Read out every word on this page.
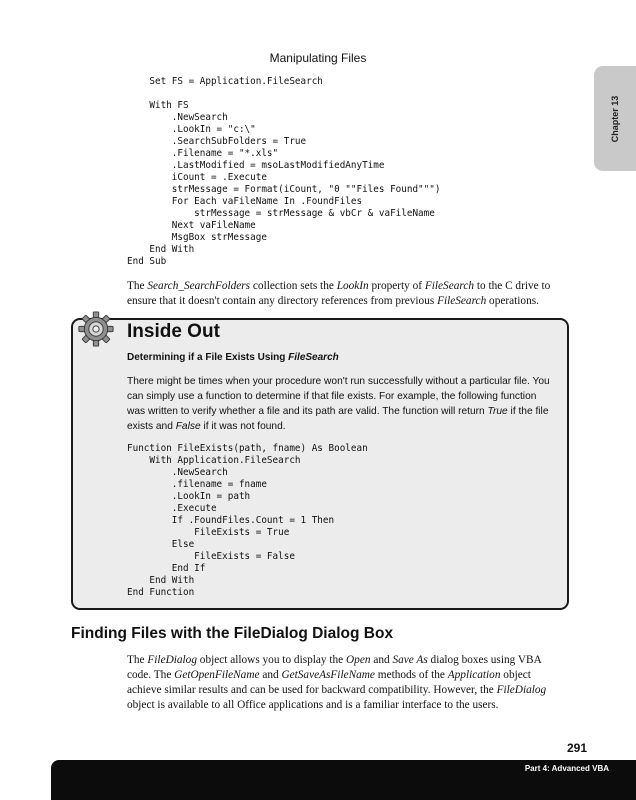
Manipulating Files
Chapter 13
Set FS = Application.FileSearch

With FS
.NewSearch
.LookIn = "c:\"
.SearchSubFolders = True
.Filename = "*.xls"
.LastModified = msoLastModifiedAnyTime
iCount = .Execute
strMessage = Format(iCount, "0 ""Files Found""")
For Each vaFileName In .FoundFiles
strMessage = strMessage & vbCr & vaFileName
Next vaFileName
MsgBox strMessage
End With
End Sub

The Search_SearchFolders collection sets the LookIn property of FileSearch to the C drive to ensure that it doesn't contain any directory references from previous FileSearch operations.

Inside Out
Determining if a File Exists Using FileSearch

There might be times when your procedure won't run successfully without a particular file. You can simply use a function to determine if that file exists. For example, the following function was written to verify whether a file and its path are valid. The function will return True if the file exists and False if it was not found.

Function FileExists(path, fname) As Boolean
With Application.FileSearch
.NewSearch
.filename = fname
.LookIn = path
.Execute
If .FoundFiles.Count = 1 Then
FileExists = True
Else
FileExists = False
End If
End With
End Function
Finding Files with the FileDialog Dialog Box

The FileDialog object allows you to display the Open and Save As dialog boxes using VBA code. The GetOpenFileName and GetSaveAsFileName methods of the Application object achieve similar results and can be used for backward compatibility. However, the FileDialog object is available to all Office applications and is a familiar interface to the users.

291
Part 4: Advanced VBA
